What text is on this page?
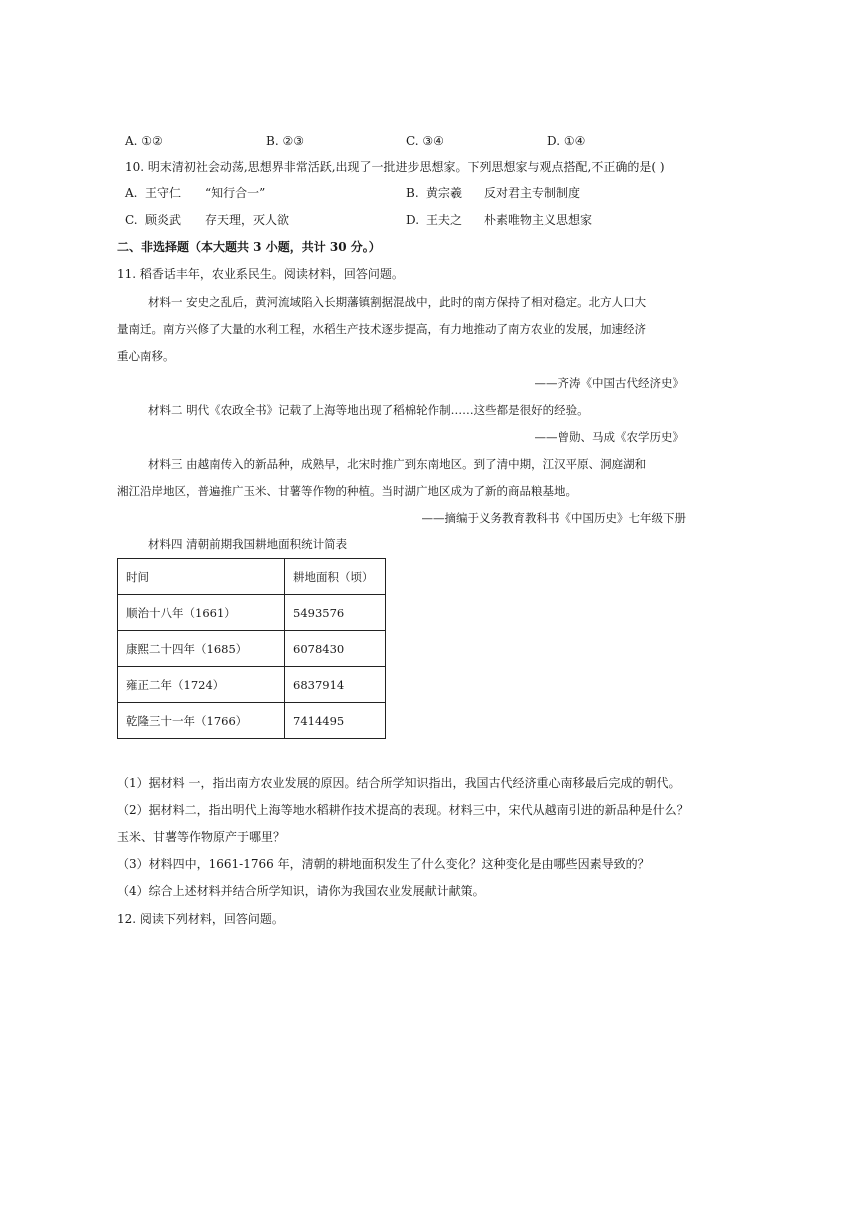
A. ①②	B. ②③	C. ③④	D. ①④
10. 明末清初社会动荡,思想界非常活跃,出现了一批进步思想家。下列思想家与观点搭配,不正确的是( )
A. 王守仁 “知行合一”	B. 黄宗羲 反对君主专制制度
C. 顾炎武 存天理，灭人欲	D. 王夫之 朴素唯物主义思想家
二、非选择题（本大题共 3 小题，共计 30 分。）
11. 稻香话丰年，农业系民生。阅读材料，回答问题。
材料一 安史之乱后，黄河流域陷入长期藩镇割据混战中，此时的南方保持了相对稳定。北方人口大
量南迁。南方兴修了大量的水利工程，水稻生产技术逐步提高，有力地推动了南方农业的发展，加速经济
重心南移。
——齐涛《中国古代经济史》
材料二 明代《农政全书》记载了上海等地出现了稻棉轮作制……这些都是很好的经验。
——曾勋、马成《农学历史》
材料三 由越南传入的新品种，成熟早，北宋时推广到东南地区。到了清中期，江汉平原、洞庭湖和
湘江沿岸地区，普遍推广玉米、甘薯等作物的种植。当时湖广地区成为了新的商品粮基地。
——摘编于义务教育教科书《中国历史》七年级下册
材料四 清朝前期我国耕地面积统计简表
时间	耕地面积（顷）
顺治十八年（1661）	5493576
康熙二十四年（1685）	6078430
雍正二年（1724）	6837914
乾隆三十一年（1766）	7414495
（1）据材料 一，指出南方农业发展的原因。结合所学知识指出，我国古代经济重心南移最后完成的朝代。
（2）据材料二，指出明代上海等地水稻耕作技术提高的表现。材料三中，宋代从越南引进的新品种是什么？
玉米、甘薯等作物原产于哪里？
（3）材料四中，1661-1766 年，清朝的耕地面积发生了什么变化？这种变化是由哪些因素导致的？
（4）综合上述材料并结合所学知识，请你为我国农业发展献计献策。
12. 阅读下列材料，回答问题。
